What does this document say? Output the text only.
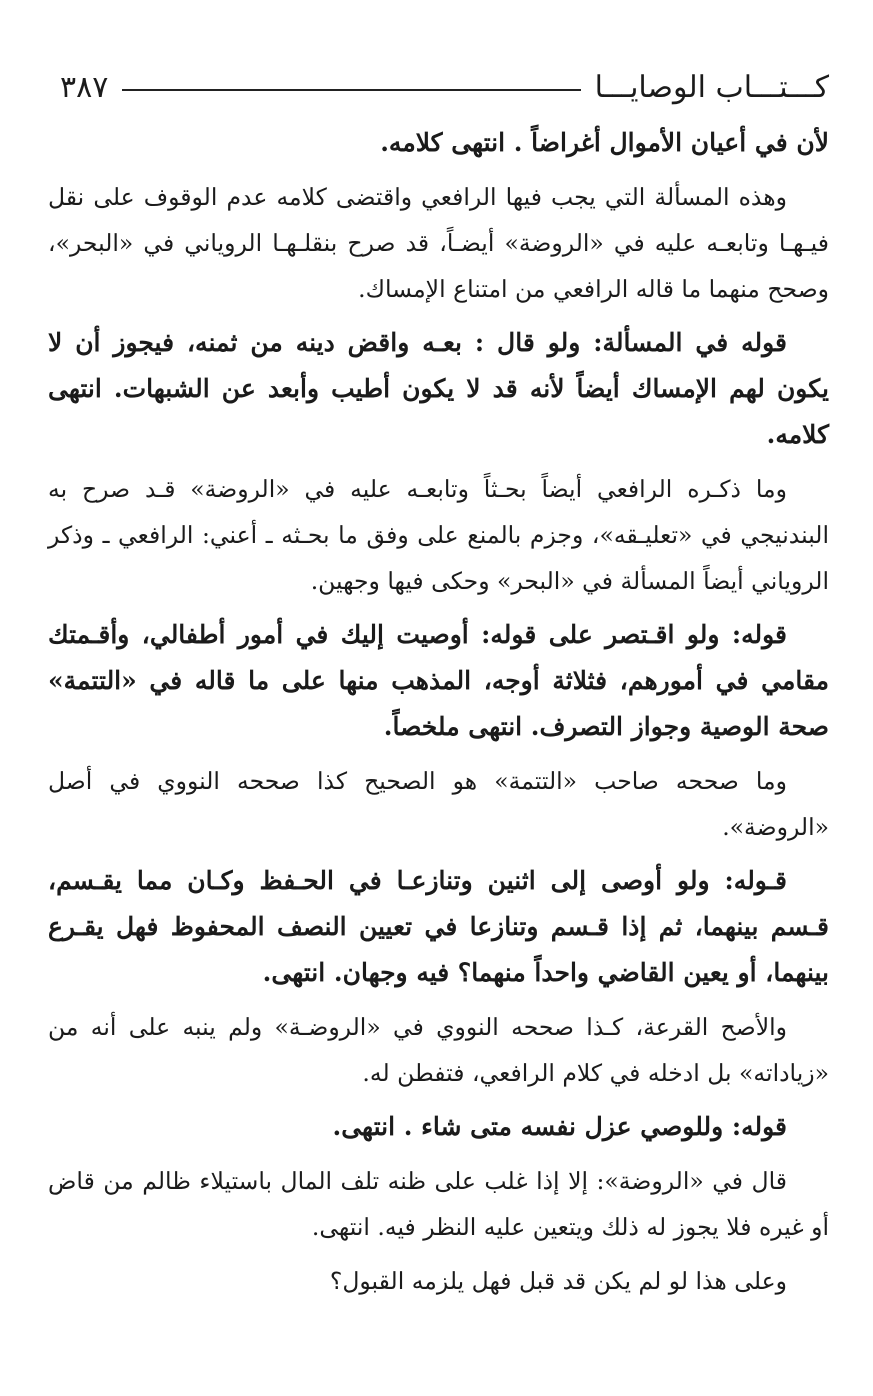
كـــتـــاب الوصايـــا
٣٨٧

لأن في أعيان الأموال أغراضاً . انتهى كلامه.

وهذه المسألة التي يجب فيها الرافعي واقتضى كلامه عدم الوقوف على نقل فيـهـا وتابعـه عليه في «الروضة» أيضـاً، قد صرح بنقلـهـا الروياني في «البحر»، وصحح منهما ما قاله الرافعي من امتناع الإمساك.

قوله في المسألة: ولو قال : بعـه واقض دينه من ثمنه، فيجوز أن لا يكون لهم الإمساك أيضاً لأنه قد لا يكون أطيب وأبعد عن الشبهات. انتهى كلامه.

وما ذكـره الرافعي أيضاً بحـثاً وتابعـه عليه في «الروضة» قـد صرح به البندنيجي في «تعليـقه»، وجزم بالمنع على وفق ما بحـثه ـ أعني: الرافعي ـ وذكر الروياني أيضاً المسألة في «البحر» وحكى فيها وجهين.

قوله: ولو اقـتصر على قوله: أوصيت إليك في أمور أطفالي، وأقـمتك مقامي في أمورهم، فثلاثة أوجه، المذهب منها على ما قاله في «التتمة» صحة الوصية وجواز التصرف. انتهى ملخصاً.

وما صححه صاحب «التتمة» هو الصحيح كذا صححه النووي في أصل «الروضة».

قـوله: ولو أوصى إلى اثنين وتنازعـا في الحـفظ وكـان مما يقـسم، قـسم بينهما، ثم إذا قـسم وتنازعا في تعيين النصف المحفوظ فهل يقـرع بينهما، أو يعين القاضي واحداً منهما؟ فيه وجهان. انتهى.

والأصح القرعة، كـذا صححه النووي في «الروضـة» ولم ينبه على أنه من «زياداته» بل ادخله في كلام الرافعي، فتفطن له.

قوله: وللوصي عزل نفسه متى شاء . انتهى.

قال في «الروضة»: إلا إذا غلب على ظنه تلف المال باستيلاء ظالم من قاض أو غيره فلا يجوز له ذلك ويتعين عليه النظر فيه. انتهى.

وعلى هذا لو لم يكن قد قبل فهل يلزمه القبول؟
